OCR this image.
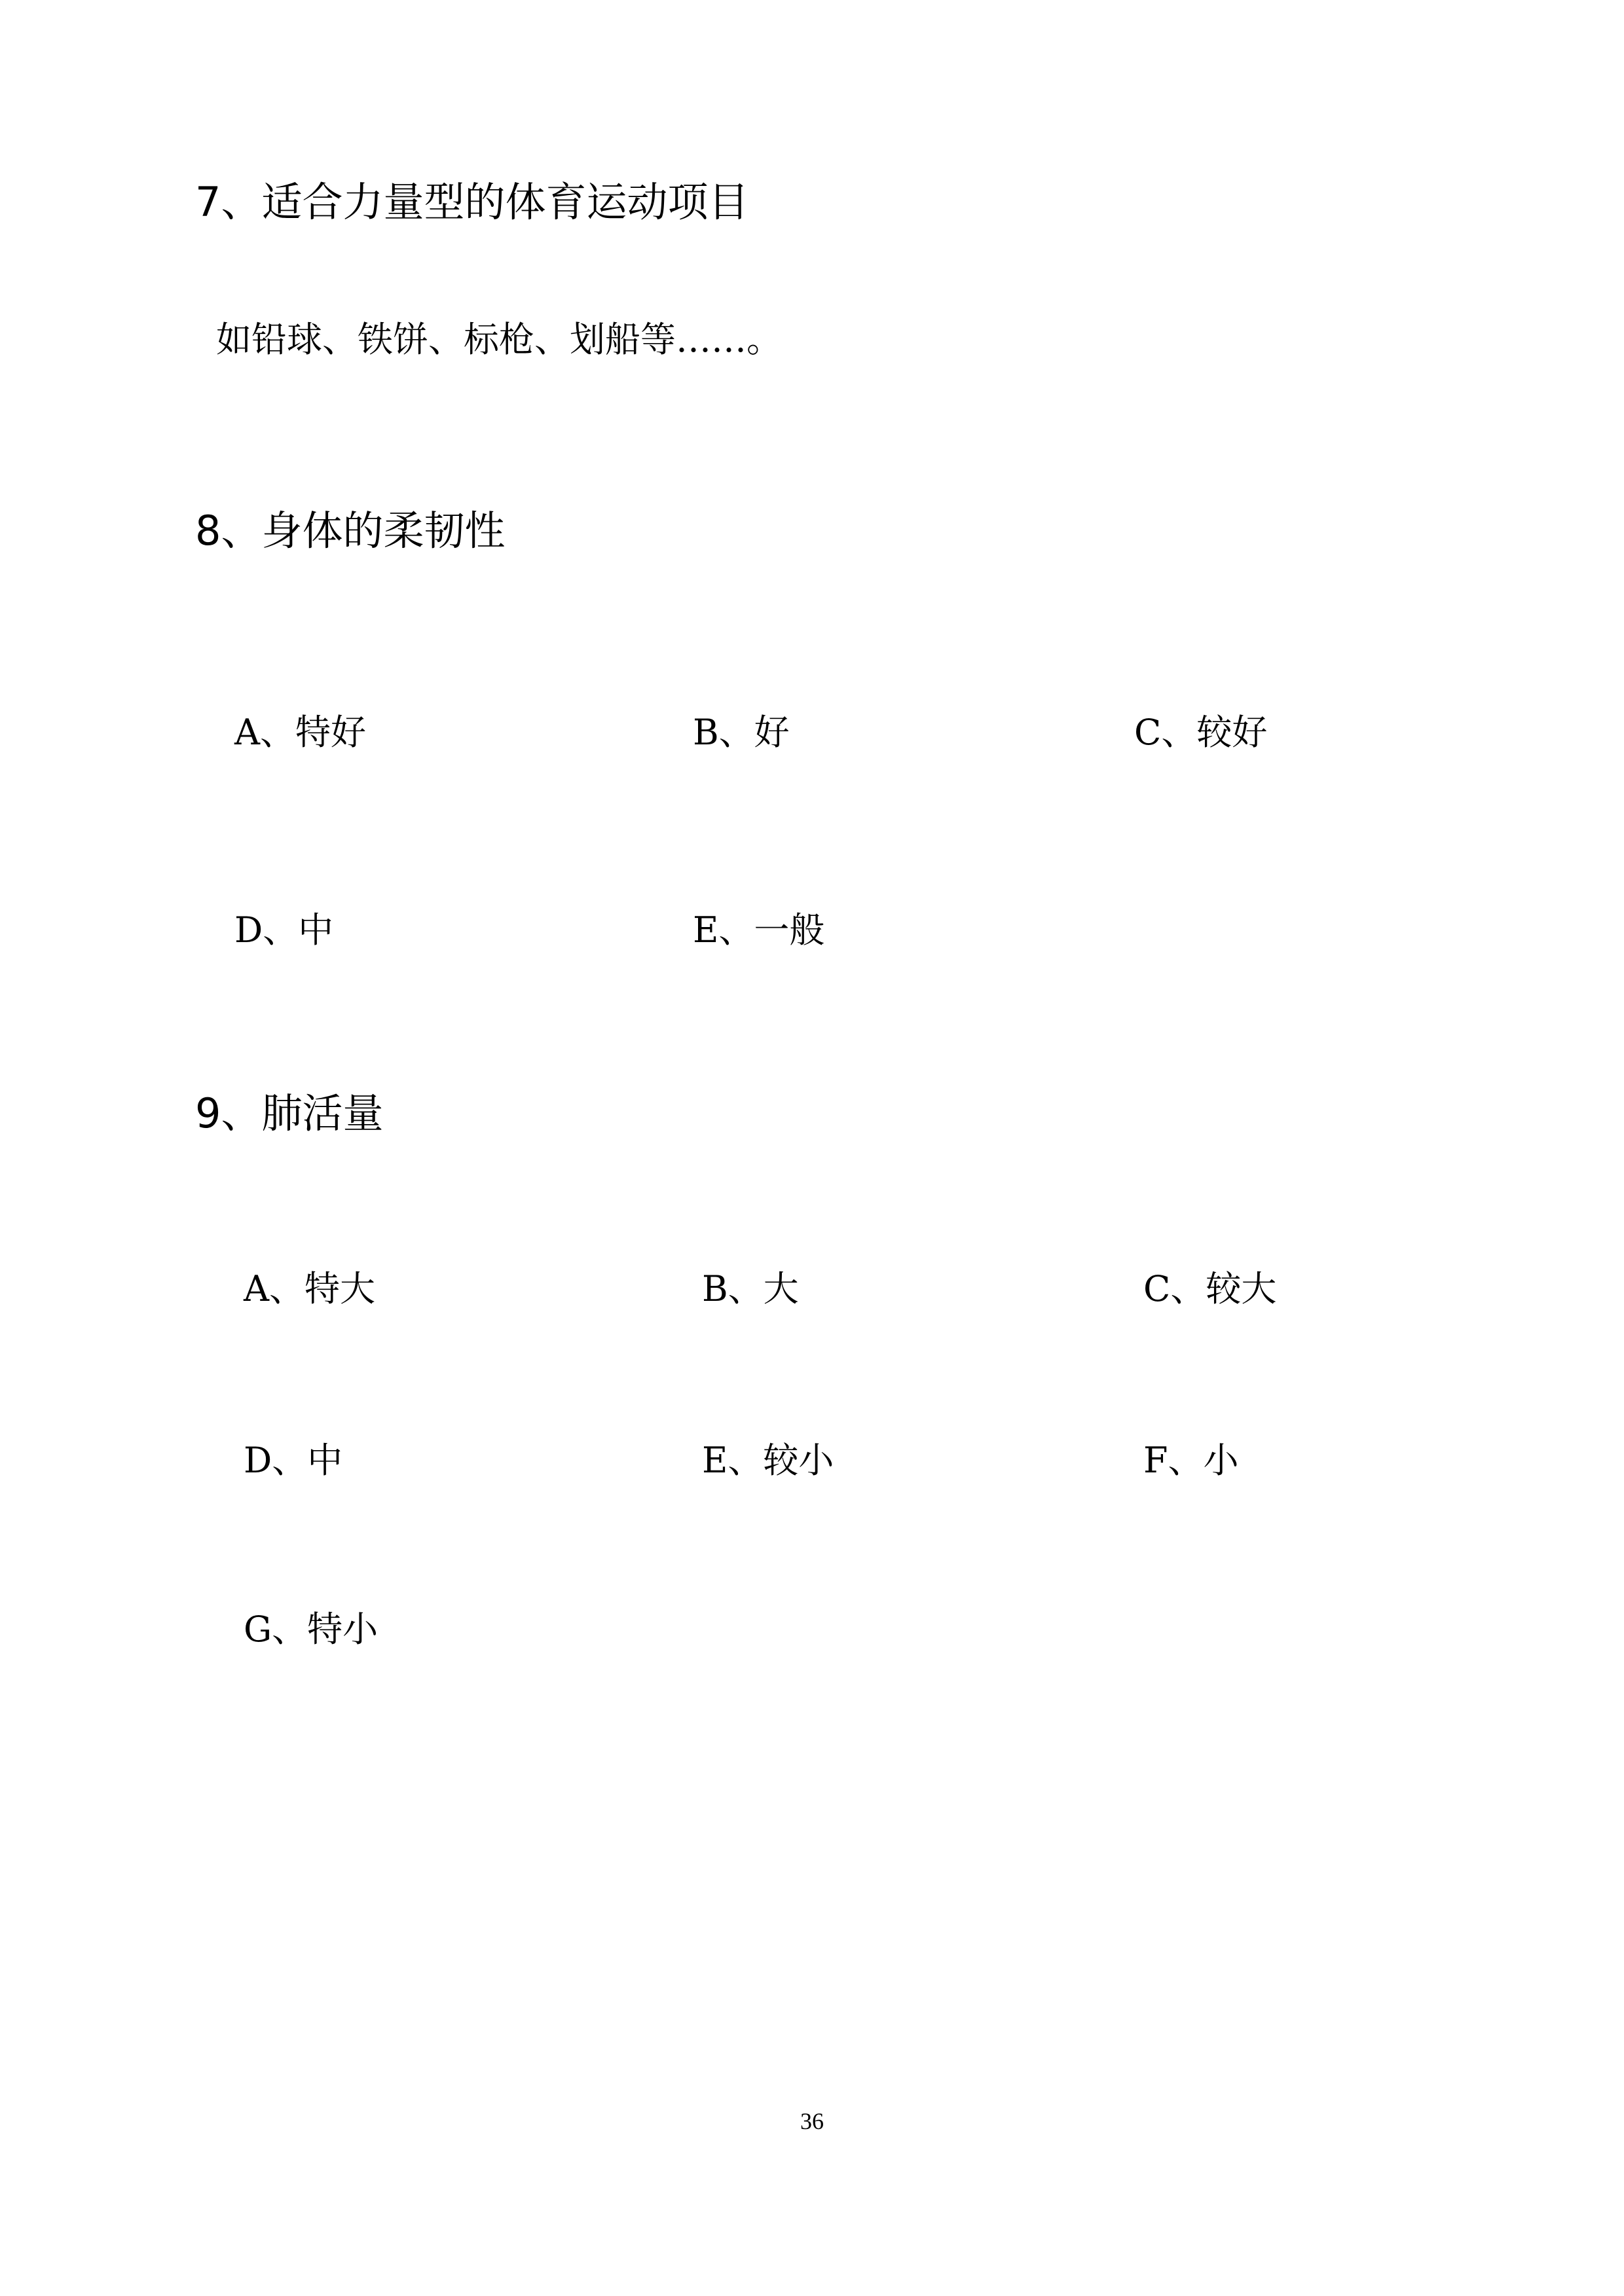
7、适合力量型的体育运动项目
如铅球、铁饼、标枪、划船等……。
8、身体的柔韧性
A、特好	B、好	C、较好
D、中	E、一般
9、肺活量
A、特大	B、大	C、较大
D、中	E、较小	F、小
G、特小
36
